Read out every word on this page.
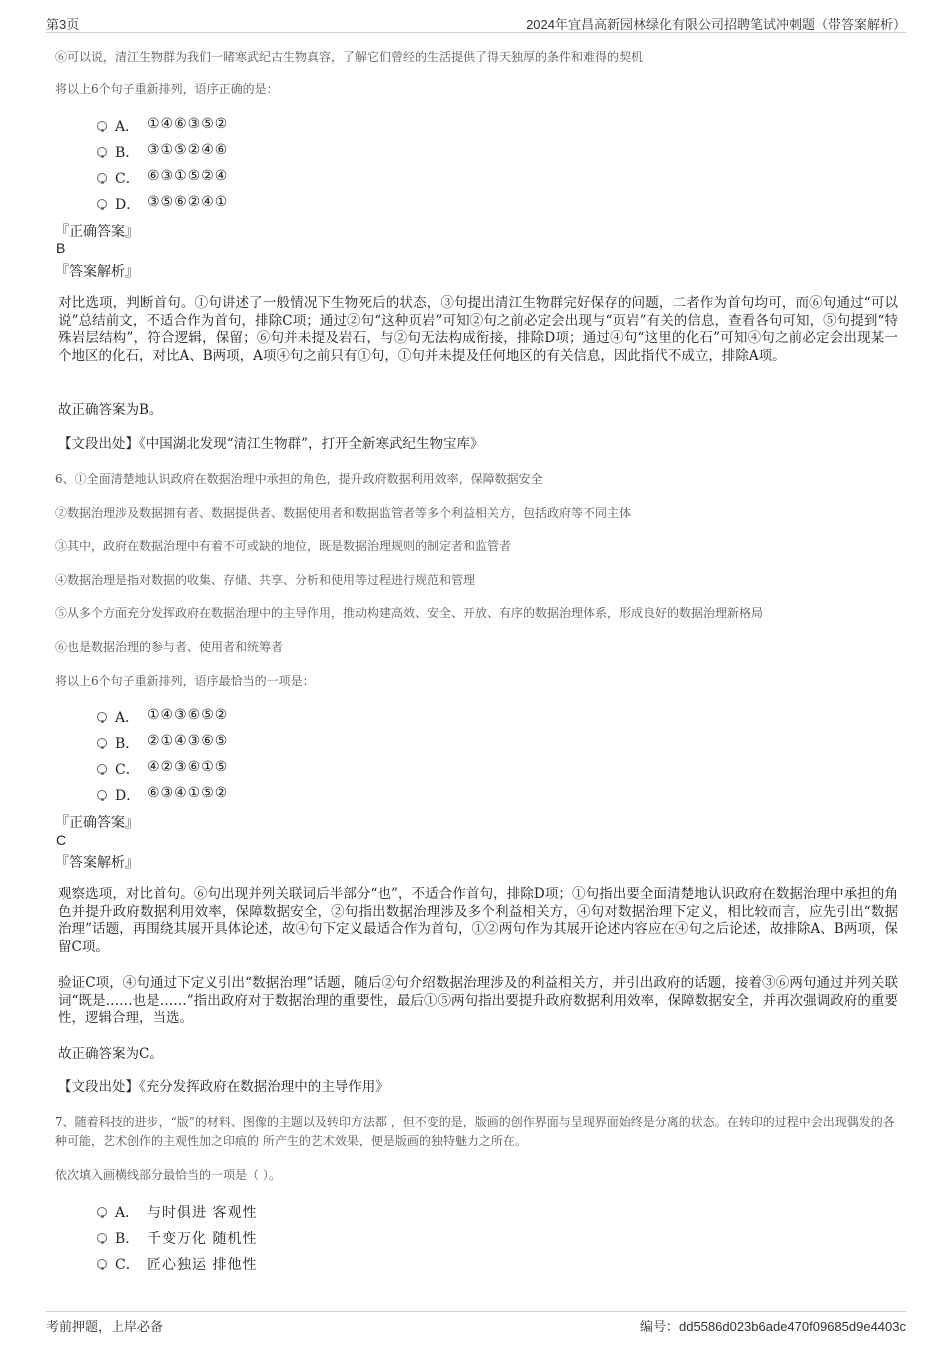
第3页	2024年宜昌高新园林绿化有限公司招聘笔试冲刺题（带答案解析）
⑥可以说，清江生物群为我们一睹寒武纪古生物真容，了解它们曾经的生活提供了得天独厚的条件和难得的契机
将以上6个句子重新排列，语序正确的是：
A． ①④⑥③⑤②
B． ③①⑤②④⑥
C． ⑥③①⑤②④
D． ③⑤⑥②④①
『正确答案』
B
『答案解析』
对比选项，判断首句。①句讲述了一般情况下生物死后的状态，③句提出清江生物群完好保存的问题，二者作为首句均可，而⑥句通过“可以说”总结前文，不适合作为首句，排除C项；通过②句“这种页岩”可知②句之前必定会出现与“页岩”有关的信息，查看各句可知，⑤句提到“特殊岩层结构”，符合逻辑，保留；⑥句并未提及岩石，与②句无法构成衔接，排除D项；通过④句“这里的化石”可知④句之前必定会出现某一个地区的化石，对比A、B两项，A项④句之前只有①句，①句并未提及任何地区的有关信息，因此指代不成立，排除A项。
故正确答案为B。
【文段出处】《中国湖北发现“清江生物群”，打开全新寒武纪生物宝库》
6、①全面清楚地认识政府在数据治理中承担的角色，提升政府数据利用效率，保障数据安全
②数据治理涉及数据拥有者、数据提供者、数据使用者和数据监管者等多个利益相关方，包括政府等不同主体
③其中，政府在数据治理中有着不可或缺的地位，既是数据治理规则的制定者和监管者
④数据治理是指对数据的收集、存储、共享、分析和使用等过程进行规范和管理
⑤从多个方面充分发挥政府在数据治理中的主导作用，推动构建高效、安全、开放、有序的数据治理体系，形成良好的数据治理新格局
⑥也是数据治理的参与者、使用者和统筹者
将以上6个句子重新排列，语序最恰当的一项是：
A． ①④③⑥⑤②
B． ②①④③⑥⑤
C． ④②③⑥①⑤
D． ⑥③④①⑤②
『正确答案』
C
『答案解析』
观察选项，对比首句。⑥句出现并列关联词后半部分“也”，不适合作首句，排除D项；①句指出要全面清楚地认识政府在数据治理中承担的角色并提升政府数据利用效率，保障数据安全，②句指出数据治理涉及多个利益相关方，④句对数据治理下定义，相比较而言，应先引出“数据治理”话题，再围绕其展开具体论述，故④句下定义最适合作为首句，①②两句作为其展开论述内容应在④句之后论述，故排除A、B两项，保留C项。
验证C项，④句通过下定义引出“数据治理”话题，随后②句介绍数据治理涉及的利益相关方，并引出政府的话题，接着③⑥两句通过并列关联词“既是……也是……”指出政府对于数据治理的重要性，最后①⑤两句指出要提升政府数据利用效率，保障数据安全，并再次强调政府的重要性，逻辑合理，当选。
故正确答案为C。
【文段出处】《充分发挥政府在数据治理中的主导作用》
7、随着科技的进步，“版”的材料、图像的主题以及转印方法都 ，但不变的是，版画的创作界面与呈现界面始终是分离的状态。在转印的过程中会出现偶发的各种可能，艺术创作的主观性加之印痕的 所产生的艺术效果，便是版画的独特魅力之所在。
依次填入画横线部分最恰当的一项是（ ）。
A． 与时俱进 客观性
B． 千变万化 随机性
C． 匠心独运 排他性
考前押题，上岸必备	编号：dd5586d023b6ade470f09685d9e4403c
